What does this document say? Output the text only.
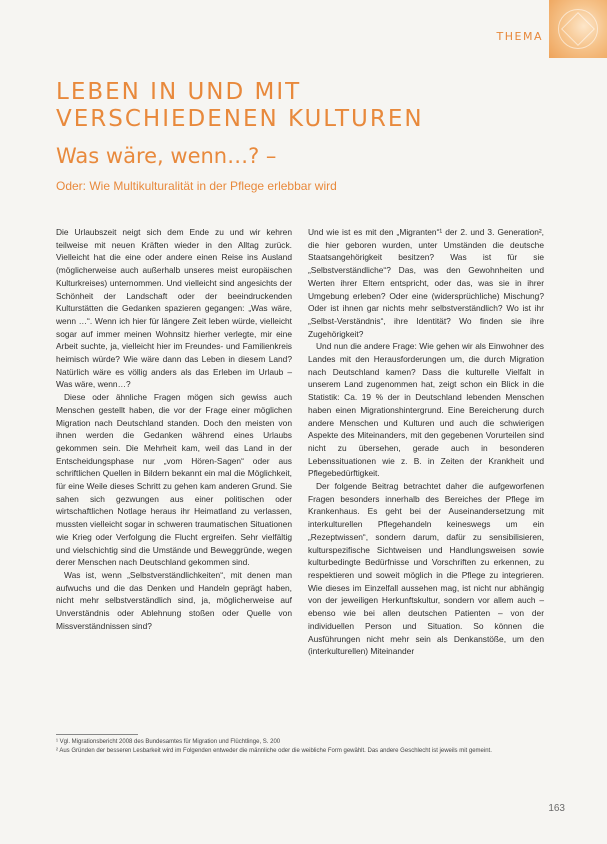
THEMA
LEBEN IN UND MIT
VERSCHIEDENEN KULTUREN
Was wäre, wenn…? –

Oder: Wie Multikulturalität in der Pflege erlebbar wird

Die Urlaubszeit neigt sich dem Ende zu und wir kehren teilweise mit neuen Kräften wieder in den Alltag zurück. Vielleicht hat die eine oder andere einen Reise ins Ausland (möglicherweise auch außerhalb unseres meist europäischen Kulturkreises) unternommen. Und vielleicht sind angesichts der Schönheit der Landschaft oder der beeindruckenden Kulturstätten die Gedanken spazieren gegangen: „Was wäre, wenn …“. Wenn ich hier für längere Zeit leben würde, vielleicht sogar auf immer meinen Wohnsitz hierher verlegte, mir eine Arbeit suchte, ja, vielleicht hier im Freundes- und Familienkreis heimisch würde? Wie wäre dann das Leben in diesem Land? Natürlich wäre es völlig anders als das Erleben im Urlaub – Was wäre, wenn…?

Diese oder ähnliche Fragen mögen sich gewiss auch Menschen gestellt haben, die vor der Frage einer möglichen Migration nach Deutschland standen. Doch den meisten von ihnen werden die Gedanken während eines Urlaubs gekommen sein. Die Mehrheit kam, weil das Land in der Entscheidungsphase nur „vom Hören-Sagen“ oder aus schriftlichen Quellen in Bildern bekannt ein mal die Möglichkeit, für eine Weile dieses Schritt zu gehen kam anderen Grund. Sie sahen sich gezwungen aus einer politischen oder wirtschaftlichen Notlage heraus ihr Heimatland zu verlassen, mussten vielleicht sogar in schweren traumatischen Situationen wie Krieg oder Verfolgung die Flucht ergreifen. Sehr vielfältig und vielschichtig sind die Umstände und Beweggründe, wegen derer Menschen nach Deutschland gekommen sind.

Was ist, wenn „Selbstverständlichkeiten“, mit denen man aufwuchs und die das Denken und Handeln geprägt haben, nicht mehr selbstverständlich sind, ja, möglicherweise auf Unverständnis oder Ablehnung stoßen oder Quelle von Missverständnissen sind?

Und wie ist es mit den „Migranten“¹ der 2. und 3. Generation², die hier geboren wurden, unter Umständen die deutsche Staatsangehörigkeit besitzen? Was ist für sie „Selbstverständliche“? Das, was den Gewohnheiten und Werten ihrer Eltern entspricht, oder das, was sie in ihrer Umgebung erleben? Oder eine (widersprüchliche) Mischung? Oder ist ihnen gar nichts mehr selbstverständlich? Wo ist ihr „Selbst-Verständnis“, ihre Identität? Wo finden sie ihre Zugehörigkeit?

Und nun die andere Frage: Wie gehen wir als Einwohner des Landes mit den Herausforderungen um, die durch Migration nach Deutschland kamen? Dass die kulturelle Vielfalt in unserem Land zugenommen hat, zeigt schon ein Blick in die Statistik: Ca. 19 % der in Deutschland lebenden Menschen haben einen Migrationshintergrund. Eine Bereicherung durch andere Menschen und Kulturen und auch die schwierigen Aspekte des Miteinanders, mit den gegebenen Vorurteilen sind nicht zu übersehen, gerade auch in besonderen Lebenssituationen wie z. B. in Zeiten der Krankheit und Pflegebedürftigkeit.

Der folgende Beitrag betrachtet daher die aufgeworfenen Fragen besonders innerhalb des Bereiches der Pflege im Krankenhaus. Es geht bei der Auseinandersetzung mit interkulturellen Pflegehandeln keineswegs um ein „Rezeptwissen“, sondern darum, dafür zu sensibilisieren, kulturspezifische Sichtweisen und Handlungsweisen sowie kulturbedingte Bedürfnisse und Vorschriften zu erkennen, zu respektieren und soweit möglich in die Pflege zu integrieren. Wie dieses im Einzelfall aussehen mag, ist nicht nur abhängig von der jeweiligen Herkunftskultur, sondern vor allem auch – ebenso wie bei allen deutschen Patienten – von der individuellen Person und Situation. So können die Ausführungen nicht mehr sein als Denkanstöße, um den (interkulturellen) Miteinander

¹ Vgl. Migrationsbericht 2008 des Bundesamtes für Migration und Flüchtlinge, S. 200

² Aus Gründen der besseren Lesbarkeit wird im Folgenden entweder die männliche oder die weibliche Form gewählt. Das andere Geschlecht ist jeweils mit gemeint.

163
